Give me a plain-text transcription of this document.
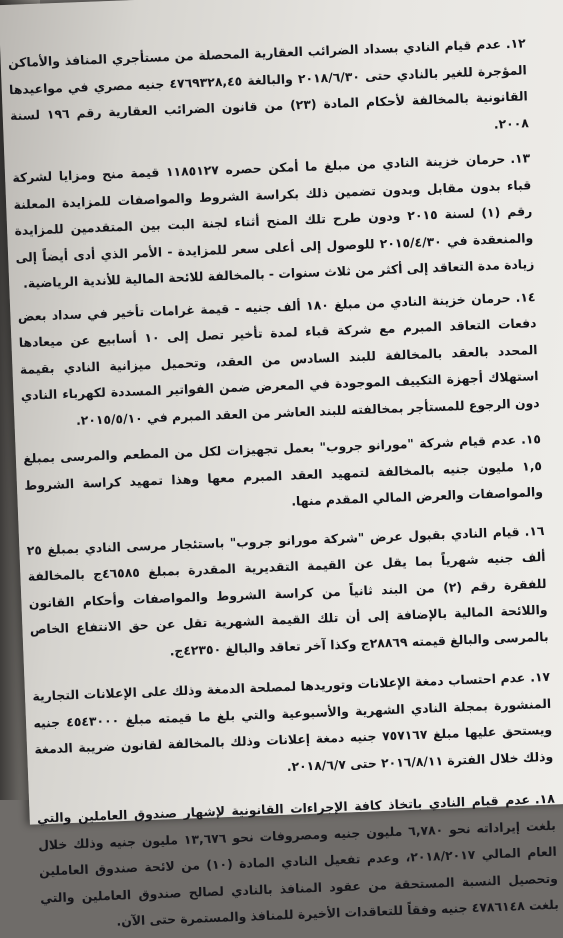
١٢.عدم قيام النادي بسداد الضرائب العقارية المحصلة من مستأجري المنافذ والأماكن المؤجرة للغير بالنادي حتى ٢٠١٨/٦/٣٠ والبالغة ٤٧٦٩٣٢٨,٤٥ جنيه مصري في مواعيدها القانونية بالمخالفة لأحكام المادة (٢٣) من قانون الضرائب العقارية رقم ١٩٦ لسنة ٢٠٠٨.

١٣.حرمان خزينة النادي من مبلغ ما أمكن حصره ١١٨٥١٢٧ قيمة منح ومزايا لشركة قباء بدون مقابل وبدون تضمين ذلك بكراسة الشروط والمواصفات للمزايدة المعلنة رقم (١) لسنة ٢٠١٥ ودون طرح تلك المنح أثناء لجنة البت بين المتقدمين للمزايدة والمنعقدة في ٢٠١٥/٤/٣٠ للوصول إلى أعلى سعر للمزايدة - الأمر الذي أدى أيضاً إلى زيادة مدة التعاقد إلى أكثر من ثلاث سنوات - بالمخالفة للائحة المالية للأندية الرياضية.

١٤.حرمان خزينة النادي من مبلغ ١٨٠ ألف جنيه - قيمة غرامات تأخير في سداد بعض دفعات التعاقد المبرم مع شركة قباء لمدة تأخير تصل إلى ١٠ أسابيع عن ميعادها المحدد بالعقد بالمخالفة للبند السادس من العقد، وتحميل ميزانية النادي بقيمة استهلاك أجهزة التكييف الموجودة في المعرض ضمن الفواتير المسددة لكهرباء النادي دون الرجوع للمستأجر بمخالفته للبند العاشر من العقد المبرم في ٢٠١٥/٥/١٠.

١٥.عدم قيام شركة "مورانو جروب" بعمل تجهيزات لكل من المطعم والمرسى بمبلغ ١,٥ مليون جنيه بالمخالفة لتمهيد العقد المبرم معها وهذا تمهيد كراسة الشروط والمواصفات والعرض المالي المقدم منها.

١٦.قيام النادي بقبول عرض "شركة مورانو جروب" باستئجار مرسى النادي بمبلغ ٢٥ ألف جنيه شهرياً بما يقل عن القيمة التقديرية المقدرة بمبلغ ٤٦٥٨٥ج بالمخالفة للفقرة رقم (٢) من البند ثانياً من كراسة الشروط والمواصفات وأحكام القانون واللائحة المالية بالإضافة إلى أن تلك القيمة الشهرية تقل عن حق الانتفاع الخاص بالمرسى والبالغ قيمته ٢٨٨٦٩ج وكذا آخر تعاقد والبالغ ٤٢٣٥٠ج.

١٧.عدم احتساب دمغة الإعلانات وتوريدها لمصلحة الدمغة وذلك على الإعلانات التجارية المنشورة بمجلة النادي الشهرية والأسبوعية والتي بلغ ما قيمته مبلغ ٤٥٤٣٠٠٠ جنيه ويستحق عليها مبلغ ٧٥٧١٦٧ جنيه دمغة إعلانات وذلك بالمخالفة لقانون ضريبة الدمغة وذلك خلال الفترة ٢٠١٦/٨/١١ حتى ٢٠١٨/٦/٧.

١٨.عدم قيام النادي باتخاذ كافة الإجراءات القانونية لإشهار صندوق العاملين والتي بلغت إيراداته نحو ٦,٧٨٠ مليون جنيه ومصروفات نحو ١٣,٦٧٦ مليون جنيه وذلك خلال العام المالي ٢٠١٨/٢٠١٧، وعدم تفعيل النادي المادة (١٠) من لائحة صندوق العاملين وتحصيل النسبة المستحقة من عقود المنافذ بالنادي لصالح صندوق العاملين والتي بلغت ٤٧٨٦١٤٨ جنيه وفقاً للتعاقدات الأخيرة للمنافذ والمستمرة حتى الآن.
